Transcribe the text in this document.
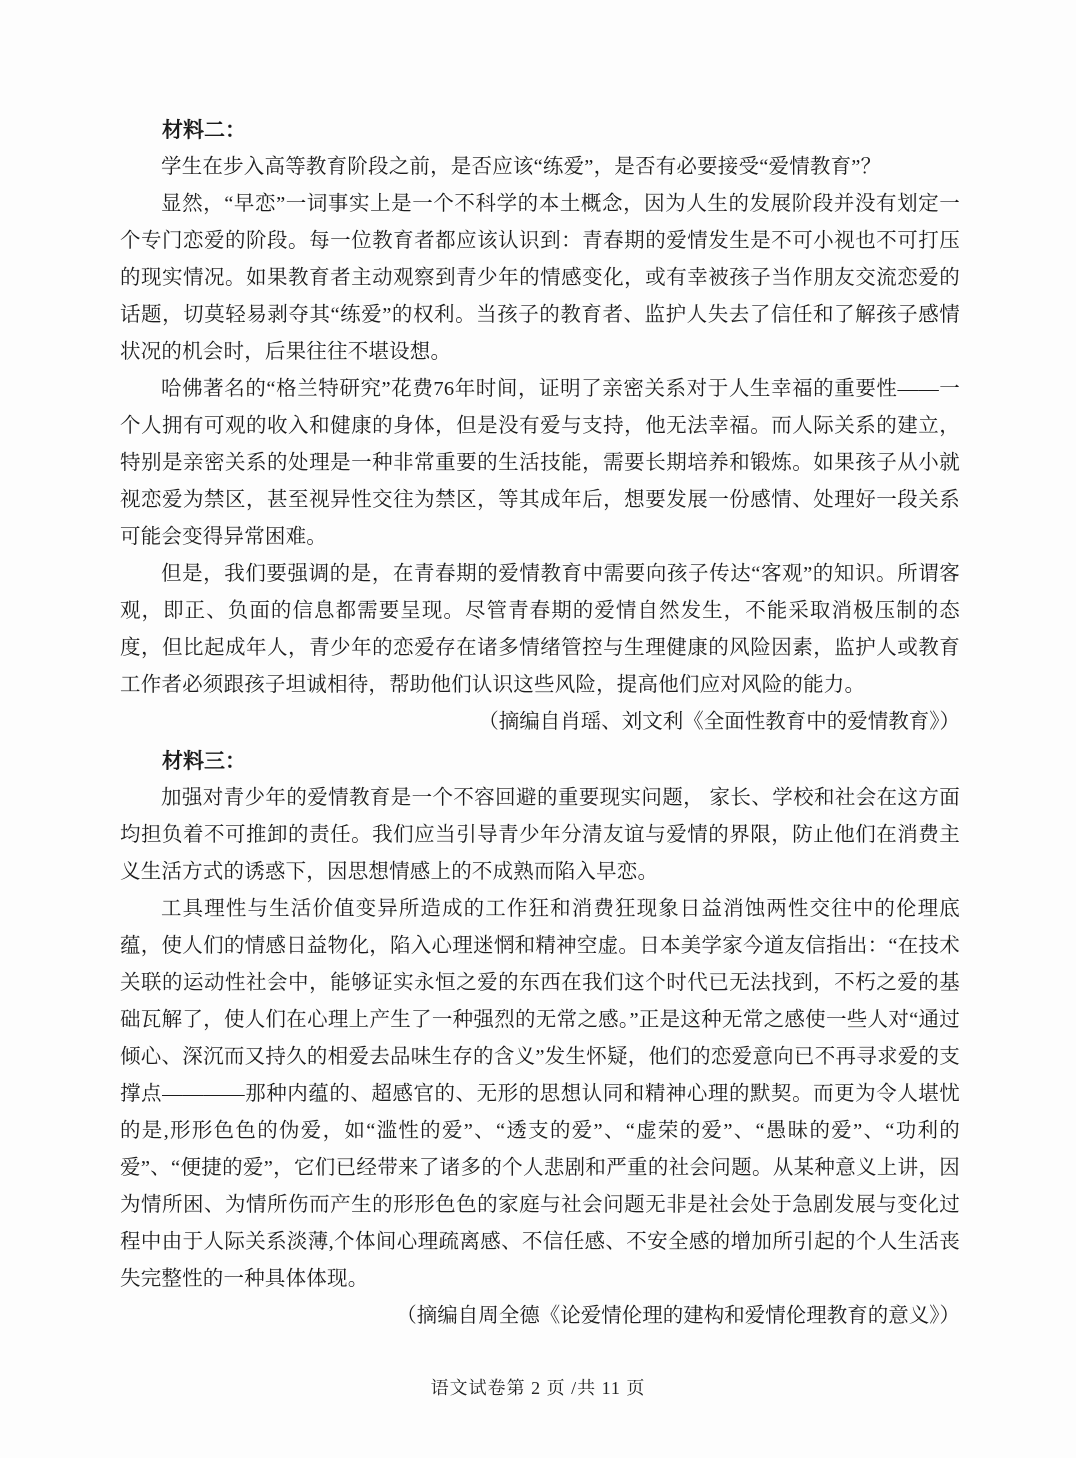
材料二：

学生在步入高等教育阶段之前，是否应该“练爱”，是否有必要接受“爱情教育”？

显然，“早恋”一词事实上是一个不科学的本土概念，因为人生的发展阶段并没有划定一个专门恋爱的阶段。每一位教育者都应该认识到：青春期的爱情发生是不可小视也不可打压的现实情况。如果教育者主动观察到青少年的情感变化，或有幸被孩子当作朋友交流恋爱的话题，切莫轻易剥夺其“练爱”的权利。当孩子的教育者、监护人失去了信任和了解孩子感情状况的机会时，后果往往不堪设想。

哈佛著名的“格兰特研究”花费76年时间，证明了亲密关系对于人生幸福的重要性——一个人拥有可观的收入和健康的身体，但是没有爱与支持，他无法幸福。而人际关系的建立，特别是亲密关系的处理是一种非常重要的生活技能，需要长期培养和锻炼。如果孩子从小就视恋爱为禁区，甚至视异性交往为禁区，等其成年后，想要发展一份感情、处理好一段关系可能会变得异常困难。

但是，我们要强调的是，在青春期的爱情教育中需要向孩子传达“客观”的知识。所谓客观，即正、负面的信息都需要呈现。尽管青春期的爱情自然发生，不能采取消极压制的态度，但比起成年人，青少年的恋爱存在诸多情绪管控与生理健康的风险因素，监护人或教育工作者必须跟孩子坦诚相待，帮助他们认识这些风险，提高他们应对风险的能力。

（摘编自肖瑶、刘文利《全面性教育中的爱情教育》）

材料三：

加强对青少年的爱情教育是一个不容回避的重要现实问题， 家长、学校和社会在这方面均担负着不可推卸的责任。我们应当引导青少年分清友谊与爱情的界限，防止他们在消费主义生活方式的诱惑下，因思想情感上的不成熟而陷入早恋。

工具理性与生活价值变异所造成的工作狂和消费狂现象日益消蚀两性交往中的伦理底蕴，使人们的情感日益物化，陷入心理迷惘和精神空虚。日本美学家今道友信指出：“在技术关联的运动性社会中，能够证实永恒之爱的东西在我们这个时代已无法找到，不朽之爱的基础瓦解了，使人们在心理上产生了一种强烈的无常之感。”正是这种无常之感使一些人对“通过倾心、深沉而又持久的相爱去品味生存的含义”发生怀疑，他们的恋爱意向已不再寻求爱的支撑点————那种内蕴的、超感官的、无形的思想认同和精神心理的默契。而更为令人堪忧的是,形形色色的伪爱，如“滥性的爱”、“透支的爱”、“虚荣的爱”、“愚昧的爱”、“功利的爱”、“便捷的爱”，它们已经带来了诸多的个人悲剧和严重的社会问题。从某种意义上讲，因为情所困、为情所伤而产生的形形色色的家庭与社会问题无非是社会处于急剧发展与变化过程中由于人际关系淡薄,个体间心理疏离感、不信任感、不安全感的增加所引起的个人生活丧失完整性的一种具体体现。

（摘编自周全德《论爱情伦理的建构和爱情伦理教育的意义》）

语文试卷第 2 页 /共 11 页
